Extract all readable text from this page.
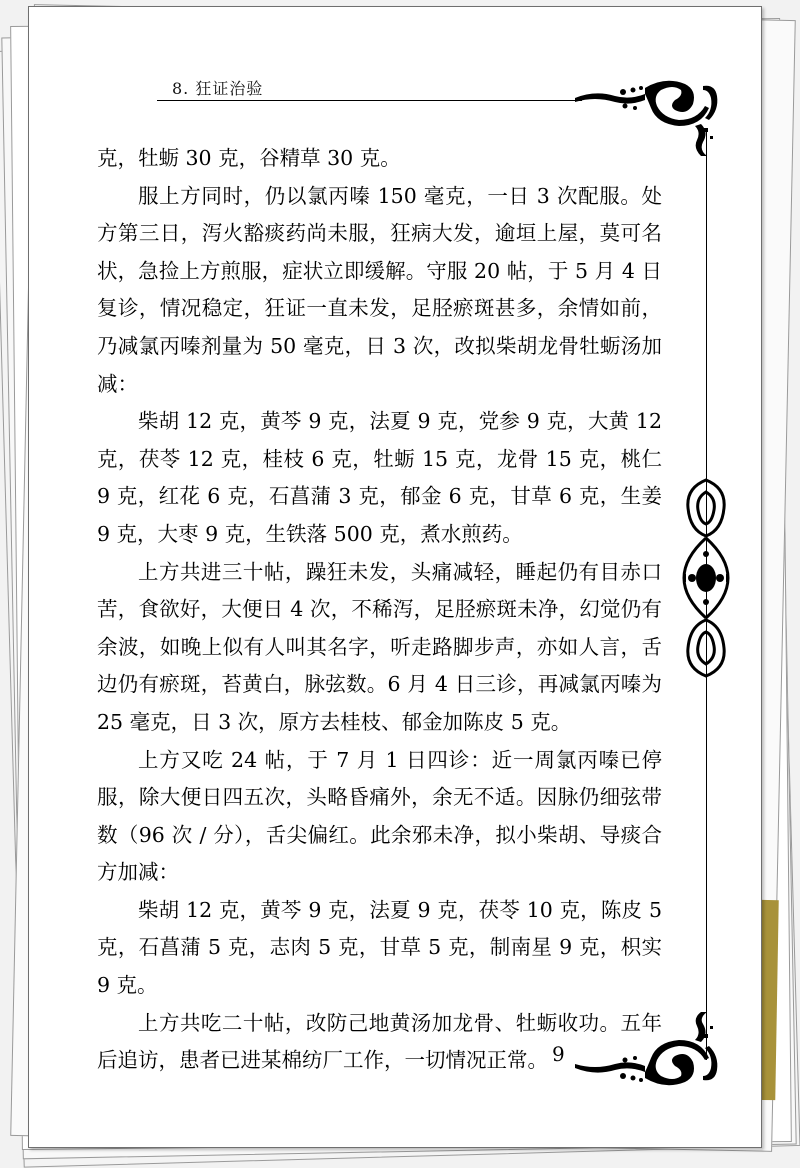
8. 狂证治验

克，牡蛎 30 克，谷精草 30 克。

服上方同时，仍以氯丙嗪 150 毫克，一日 3 次配服。处方第三日，泻火豁痰药尚未服，狂病大发，逾垣上屋，莫可名状，急捡上方煎服，症状立即缓解。守服 20 帖，于 5 月 4 日复诊，情况稳定，狂证一直未发，足胫瘀斑甚多，余情如前，乃减氯丙嗪剂量为 50 毫克，日 3 次，改拟柴胡龙骨牡蛎汤加减：

柴胡 12 克，黄芩 9 克，法夏 9 克，党参 9 克，大黄 12 克，茯苓 12 克，桂枝 6 克，牡蛎 15 克，龙骨 15 克，桃仁 9 克，红花 6 克，石菖蒲 3 克，郁金 6 克，甘草 6 克，生姜 9 克，大枣 9 克，生铁落 500 克，煮水煎药。

上方共进三十帖，躁狂未发，头痛减轻，睡起仍有目赤口苦，食欲好，大便日 4 次，不稀泻，足胫瘀斑未净，幻觉仍有余波，如晚上似有人叫其名字，听走路脚步声，亦如人言，舌边仍有瘀斑，苔黄白，脉弦数。6 月 4 日三诊，再减氯丙嗪为 25 毫克，日 3 次，原方去桂枝、郁金加陈皮 5 克。

上方又吃 24 帖，于 7 月 1 日四诊：近一周氯丙嗪已停服，除大便日四五次，头略昏痛外，余无不适。因脉仍细弦带数（96 次 / 分），舌尖偏红。此余邪未净，拟小柴胡、导痰合方加减：

柴胡 12 克，黄芩 9 克，法夏 9 克，茯苓 10 克，陈皮 5 克，石菖蒲 5 克，志肉 5 克，甘草 5 克，制南星 9 克，枳实 9 克。

上方共吃二十帖，改防己地黄汤加龙骨、牡蛎收功。五年后追访，患者已进某棉纺厂工作，一切情况正常。 9
